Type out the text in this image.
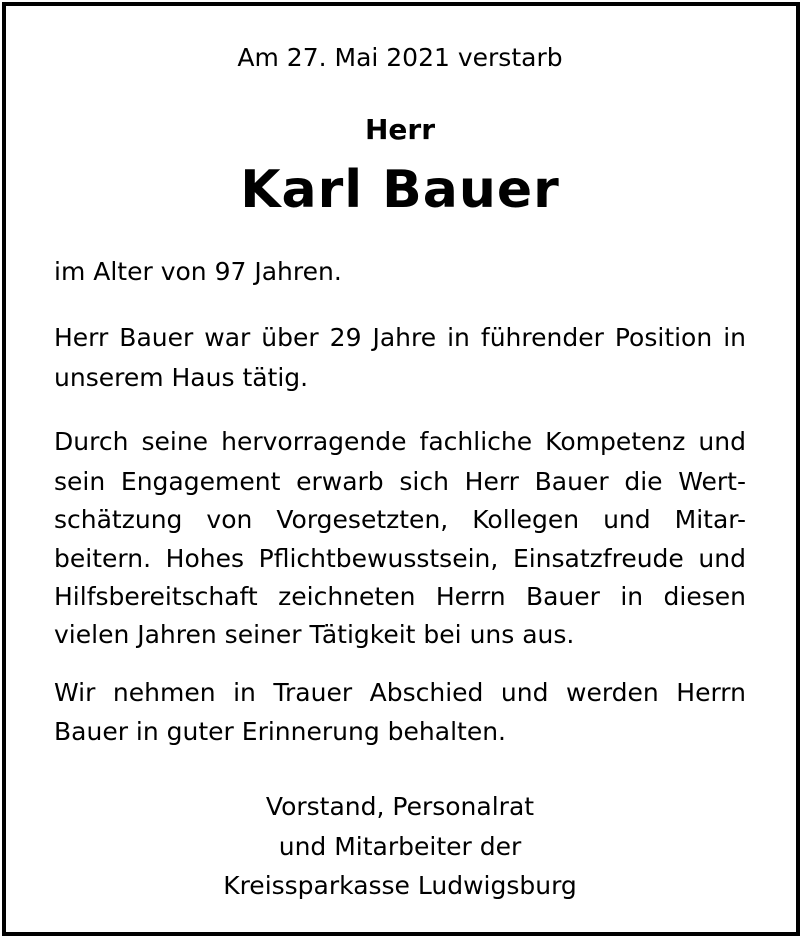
Am 27. Mai 2021 verstarb
Herr
Karl Bauer
im Alter von 97 Jahren.
Herr Bauer war über 29 Jahre in führender Position in
unserem Haus tätig.
Durch seine hervorragende fachliche Kompetenz und
sein Engagement erwarb sich Herr Bauer die Wert-
schätzung von Vorgesetzten, Kollegen und Mitar-
beitern. Hohes Pflichtbewusstsein, Einsatzfreude und
Hilfsbereitschaft zeichneten Herrn Bauer in diesen
vielen Jahren seiner Tätigkeit bei uns aus.
Wir nehmen in Trauer Abschied und werden Herrn
Bauer in guter Erinnerung behalten.
Vorstand, Personalrat
und Mitarbeiter der
Kreissparkasse Ludwigsburg
